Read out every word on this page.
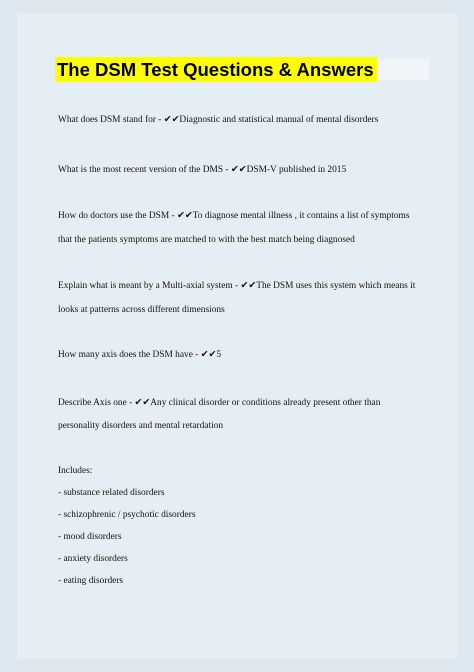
The DSM Test Questions & Answers
What does DSM stand for - ✔✔Diagnostic and statistical manual of mental disorders
What is the most recent version of the DMS - ✔✔DSM-V published in 2015
How do doctors use the DSM - ✔✔To diagnose mental illness , it contains a list of symptoms
that the patients symptoms are matched to with the best match being diagnosed
Explain what is meant by a Multi-axial system - ✔✔The DSM uses this system which means it
looks at patterns across different dimensions
How many axis does the DSM have - ✔✔5
Describe Axis one - ✔✔Any clinical disorder or conditions already present other than
personality disorders and mental retardation
Includes:
- substance related disorders
- schizophrenic / psychotic disorders
- mood disorders
- anxiety disorders
- eating disorders
